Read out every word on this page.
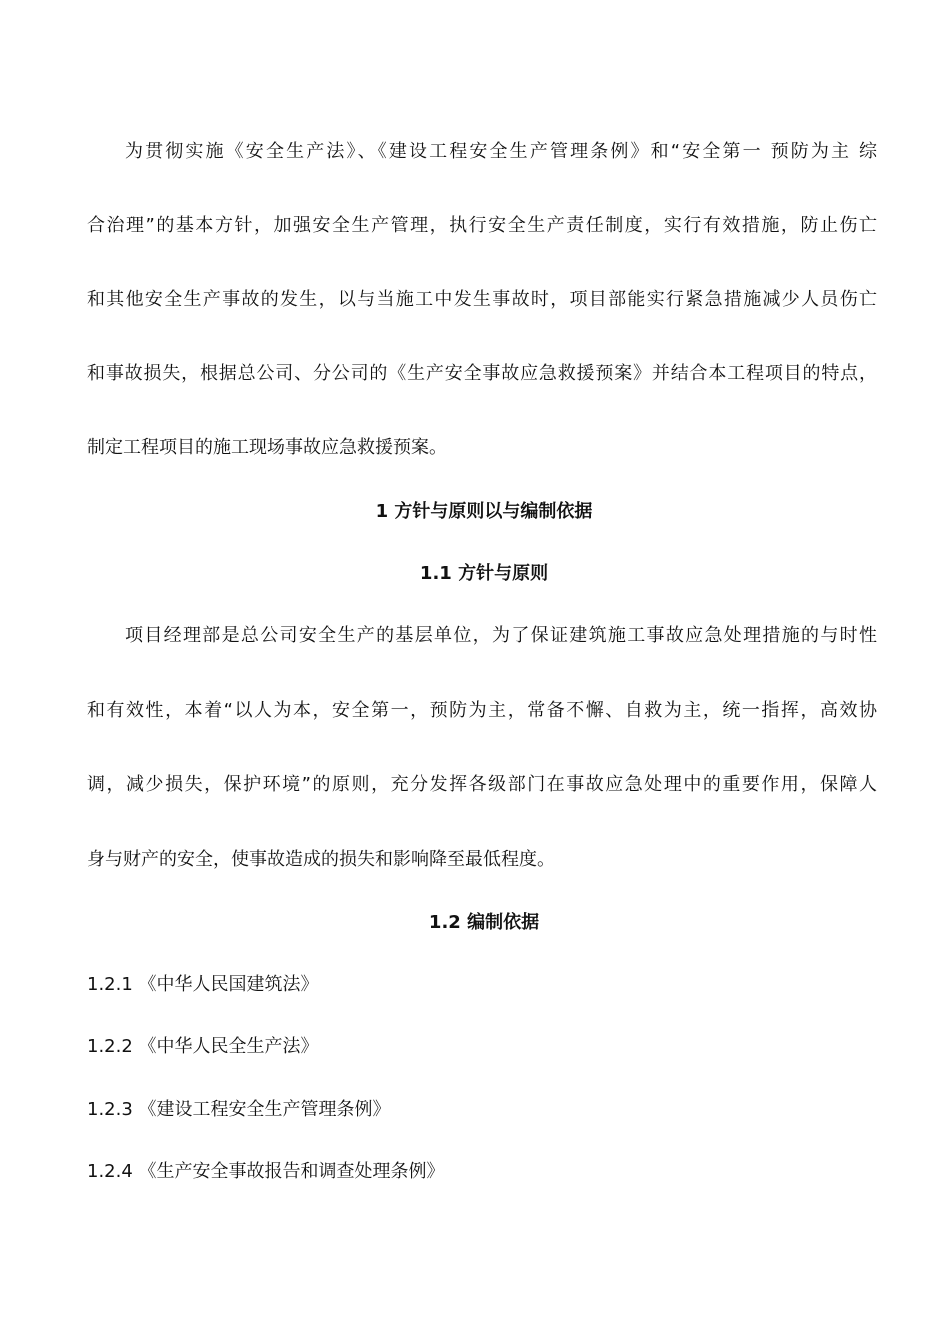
为贯彻实施《安全生产法》、《建设工程安全生产管理条例》和“安全第一 预防为主 综
合治理”的基本方针，加强安全生产管理，执行安全生产责任制度，实行有效措施，防止伤亡
和其他安全生产事故的发生，以与当施工中发生事故时，项目部能实行紧急措施减少人员伤亡
和事故损失，根据总公司、分公司的《生产安全事故应急救援预案》并结合本工程项目的特点，
制定工程项目的施工现场事故应急救援预案。
1 方针与原则以与编制依据
1.1 方针与原则
项目经理部是总公司安全生产的基层单位，为了保证建筑施工事故应急处理措施的与时性
和有效性，本着“以人为本，安全第一，预防为主，常备不懈、自救为主，统一指挥，高效协
调，减少损失，保护环境”的原则，充分发挥各级部门在事故应急处理中的重要作用，保障人
身与财产的安全，使事故造成的损失和影响降至最低程度。
1.2 编制依据
1.2.1 《中华人民国建筑法》
1.2.2 《中华人民全生产法》
1.2.3 《建设工程安全生产管理条例》
1.2.4 《生产安全事故报告和调查处理条例》
